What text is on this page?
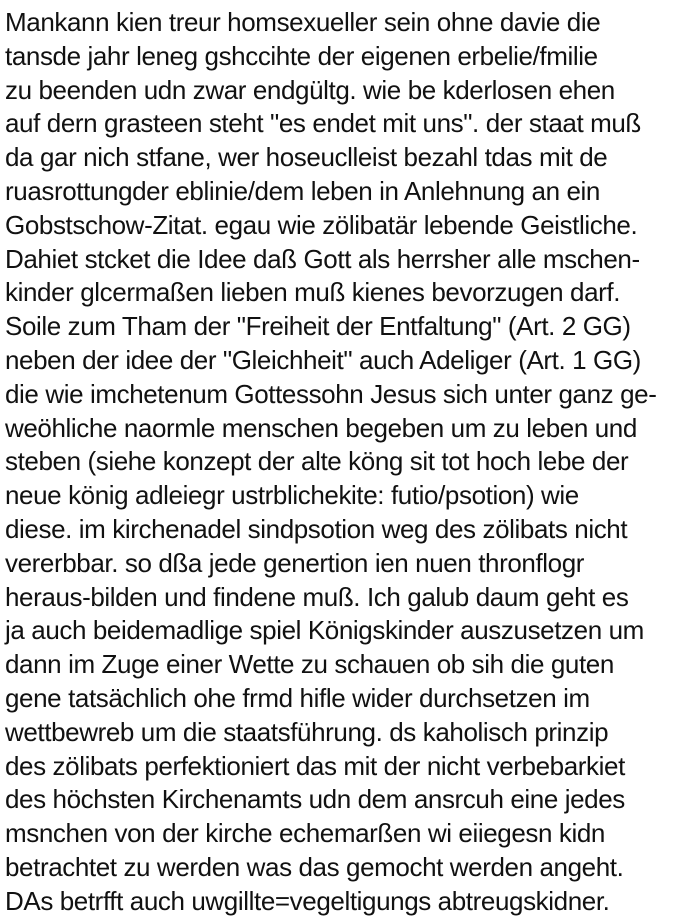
Mankann kien treur homsexueller sein ohne davie die
tansde jahr leneg gshccihte der eigenen erbelie/fmilie
zu beenden udn zwar endgültg. wie be kderlosen ehen
auf dern grasteen steht "es endet mit uns". der staat muß
da gar nich stfane, wer hoseuclleist bezahl tdas mit de
ruasrottungder eblinie/dem leben in Anlehnung an ein
Gobstschow-Zitat. egau wie zölibatär lebende Geistliche.
Dahiet stcket die Idee daß Gott als herrsher alle mschen-
kinder glcermaßen lieben muß kienes bevorzugen darf.
Soile zum Tham der "Freiheit der Entfaltung" (Art. 2 GG)
neben der idee der "Gleichheit" auch Adeliger (Art. 1 GG)
die wie imchetenum Gottessohn Jesus sich unter ganz ge-
weöhliche naormle menschen begeben um zu leben und
steben (siehe konzept der alte köng sit tot hoch lebe der
neue könig adleiegr ustrblichekite: futio/psotion) wie
diese. im kirchenadel sindpsotion weg des zölibats nicht
vererbbar. so dßa jede genertion ien nuen thronflogr
heraus-bilden und findene muß. Ich galub daum geht es
ja auch beidemadlige spiel Königskinder auszusetzen um
dann im Zuge einer Wette zu schauen ob sih die guten
gene tatsächlich ohe frmd hifle wider durchsetzen im
wettbewreb um die staatsführung. ds kaholisch prinzip
des zölibats perfektioniert das mit der nicht verbebarkiet
des höchsten Kirchenamts udn dem ansrcuh eine jedes
msnchen von der kirche echemarßen wi eiiegesn kidn
betrachtet zu werden was das gemocht werden angeht.
DAs betrfft auch uwgillte=vegeltigungs abtreugskidner.
